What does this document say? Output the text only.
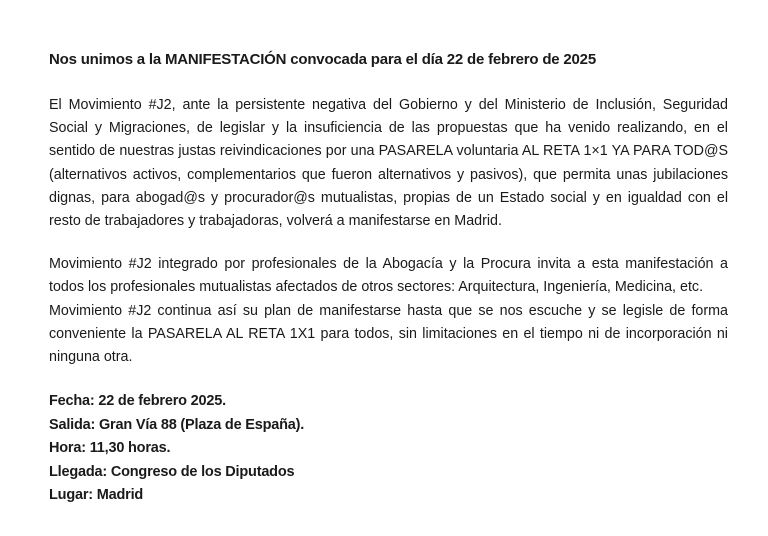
Nos unimos a la MANIFESTACIÓN convocada para el día 22 de febrero de 2025

El Movimiento #J2, ante la persistente negativa del Gobierno y del Ministerio de Inclusión, Seguridad Social y Migraciones, de legislar y la insuficiencia de las propuestas que ha venido realizando, en el sentido de nuestras justas reivindicaciones por una PASARELA voluntaria AL RETA 1×1 YA PARA TOD@S (alternativos activos, complementarios que fueron alternativos y pasivos), que permita unas jubilaciones dignas, para abogad@s y procurador@s mutualistas, propias de un Estado social y en igualdad con el resto de trabajadores y trabajadoras, volverá a manifestarse en Madrid.

Movimiento #J2 integrado por profesionales de la Abogacía y la Procura invita a esta manifestación a todos los profesionales mutualistas afectados de otros sectores: Arquitectura, Ingeniería, Medicina, etc.

Movimiento #J2 continua así su plan de manifestarse hasta que se nos escuche y se legisle de forma conveniente la PASARELA AL RETA 1X1 para todos, sin limitaciones en el tiempo ni de incorporación ni ninguna otra.

Fecha: 22 de febrero 2025.
Salida: Gran Vía 88 (Plaza de España).
Hora: 11,30 horas.
Llegada: Congreso de los Diputados
Lugar: Madrid
